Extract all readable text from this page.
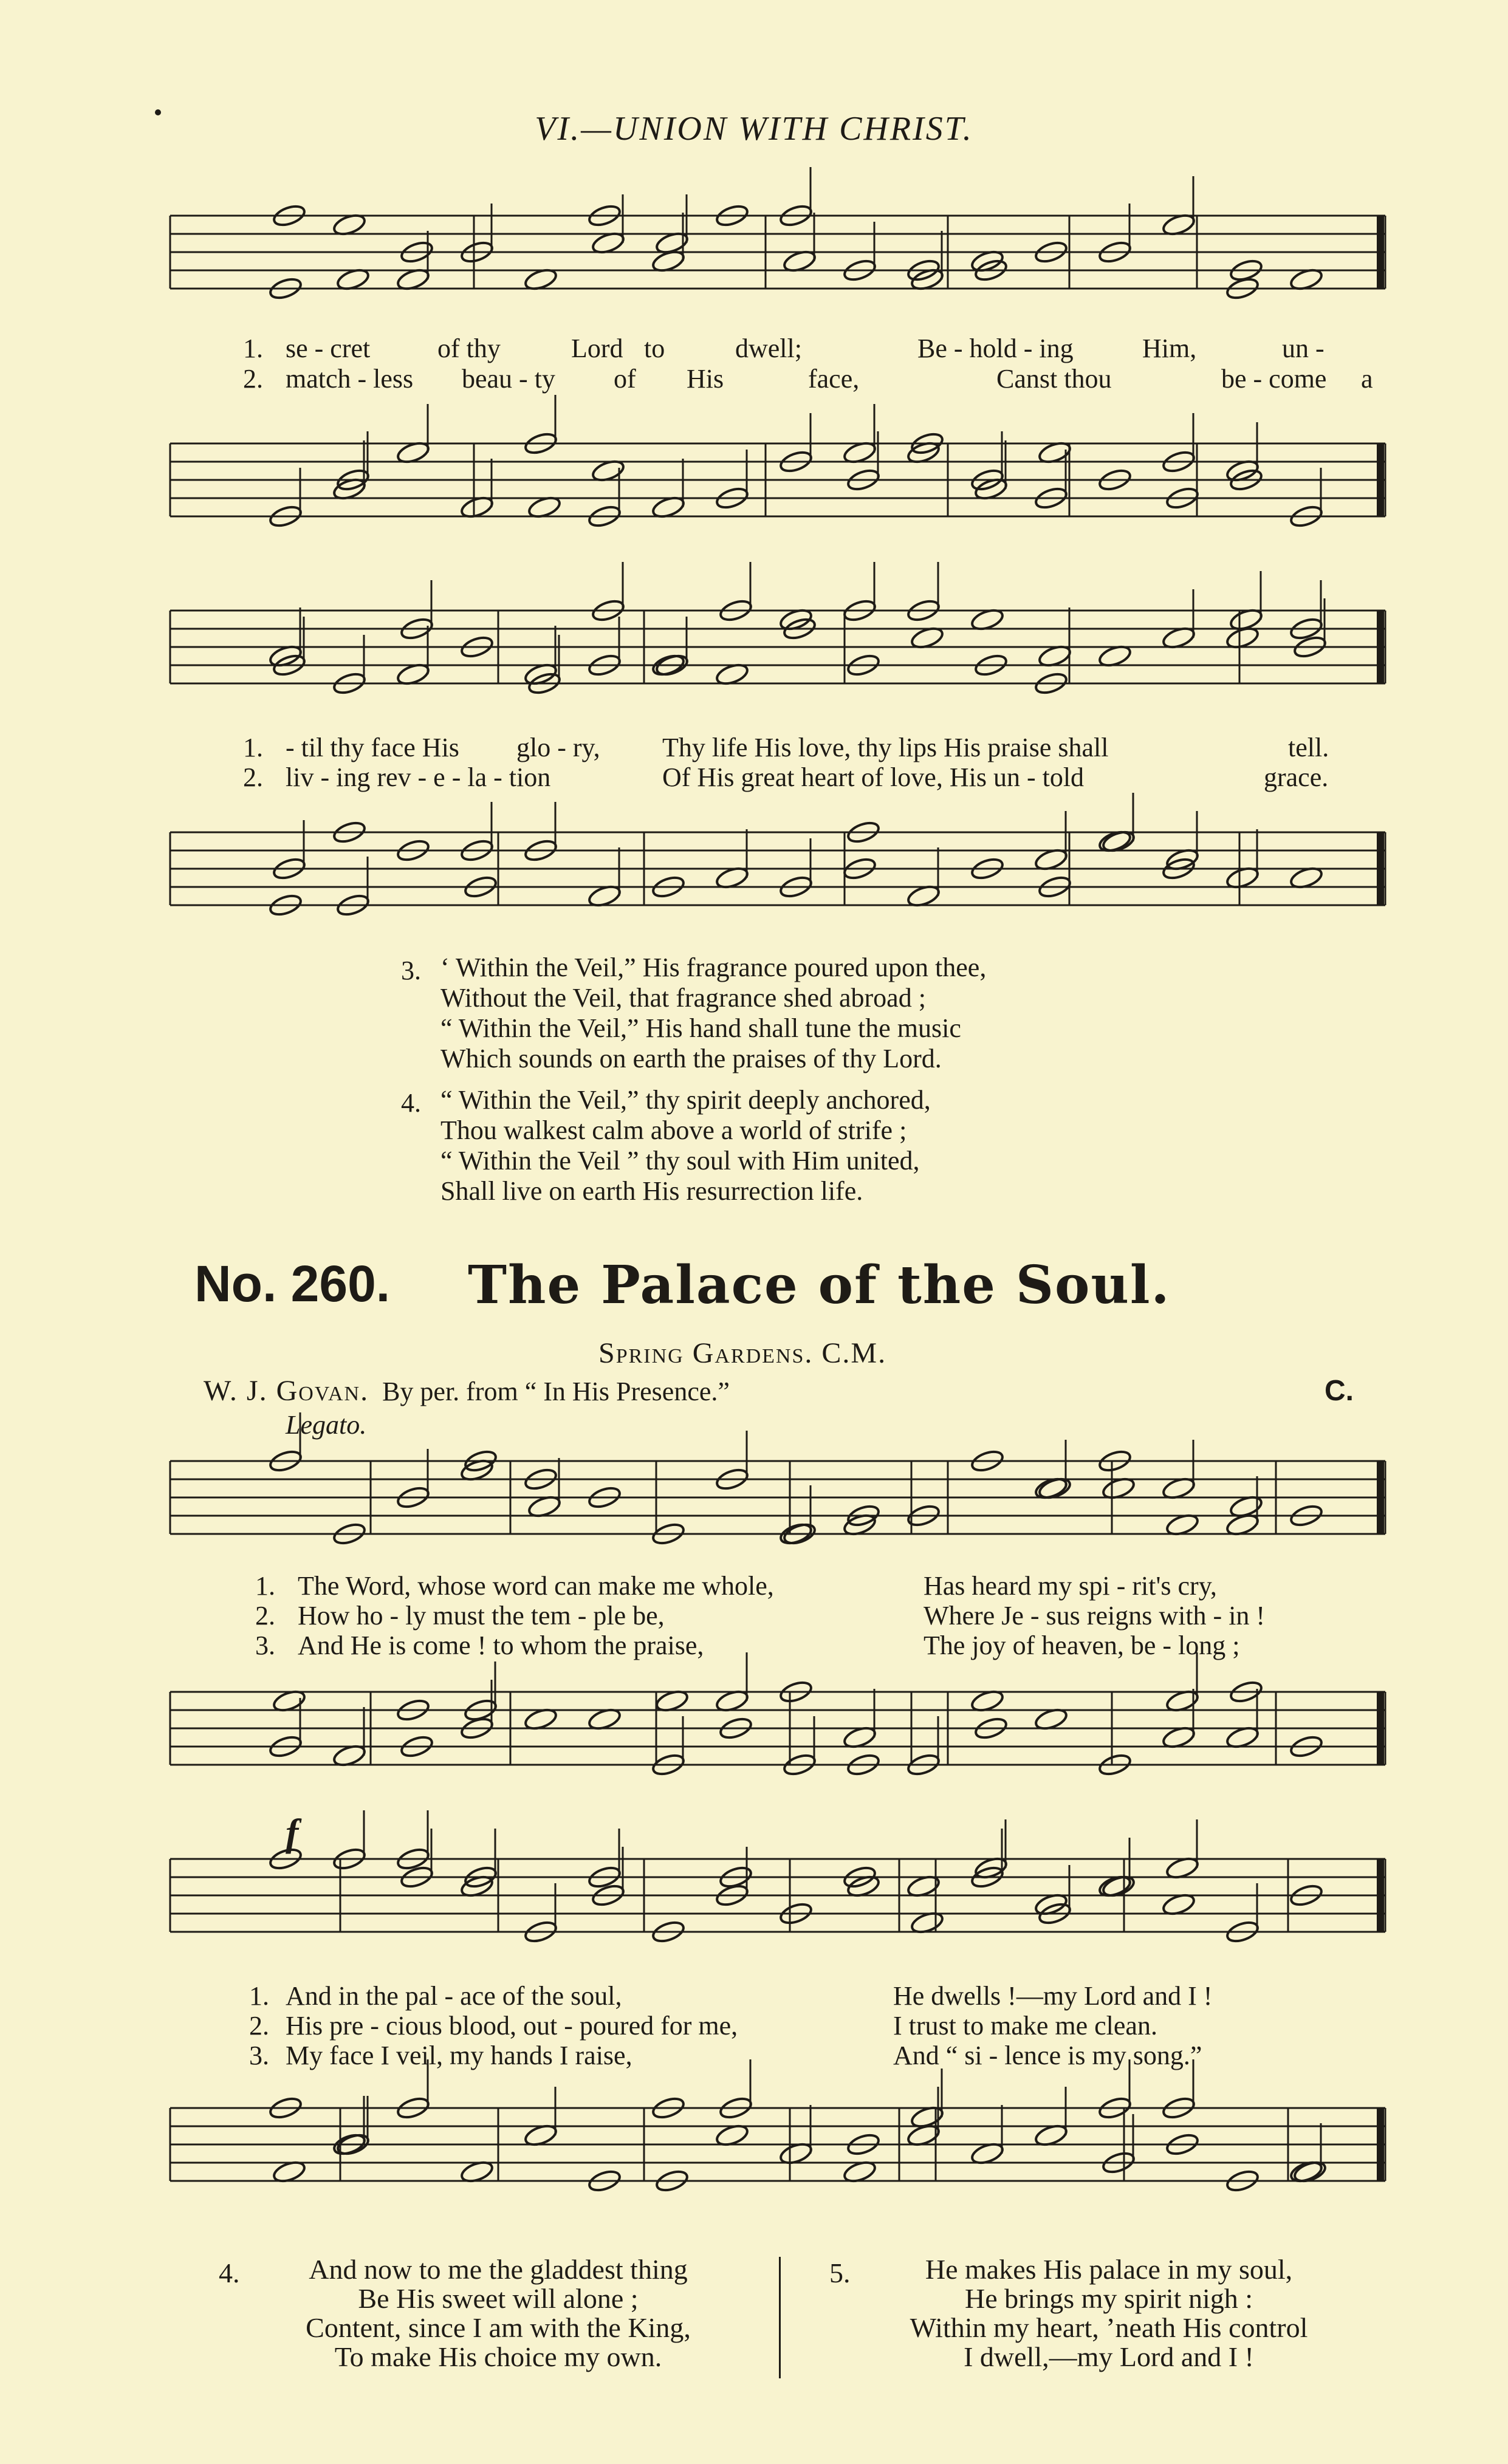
VI.—UNION WITH CHRIST.
1. se - cret	of thy	Lord to	dwell;	Be - hold - ing	Him,	un -
2. match - less	beau - ty	of	His	face,	Canst thou	be - come	a
1. - til thy face His	glo - ry,	Thy life His love, thy lips His praise shall	tell.
2. liv - ing rev - e - la - tion	Of His great heart of love, His un - told	grace.
3. ‘ Within the Veil,” His fragrance poured upon thee,
Without the Veil, that fragrance shed abroad ;
“ Within the Veil,” His hand shall tune the music
Which sounds on earth the praises of thy Lord.
4. “ Within the Veil,” thy spirit deeply anchored,
Thou walkest calm above a world of strife ;
“ Within the Veil ” thy soul with Him united,
Shall live on earth His resurrection life.
No. 260. The Palace of the Soul.
Spring Gardens. C.M.
W. J. Govan. By per. from “ In His Presence.”	C.
Legato.
1. The Word, whose word can make me whole,	Has heard my spi - rit's cry,
2. How ho - ly must the tem - ple be,	Where Je - sus reigns with - in !
3. And He is come ! to whom the praise,	The joy of heaven, be - long ;
f
1. And in the pal - ace of the soul,	He dwells !—my Lord and I !
2. His pre - cious blood, out - poured for me,	I trust to make me clean.
3. My face I veil, my hands I raise,	And “ si - lence is my song.”
4.	And now to me the gladdest thing
Be His sweet will alone ;
Content, since I am with the King,
To make His choice my own.
5.	He makes His palace in my soul,
He brings my spirit nigh :
Within my heart, ’neath His control
I dwell,—my Lord and I !
